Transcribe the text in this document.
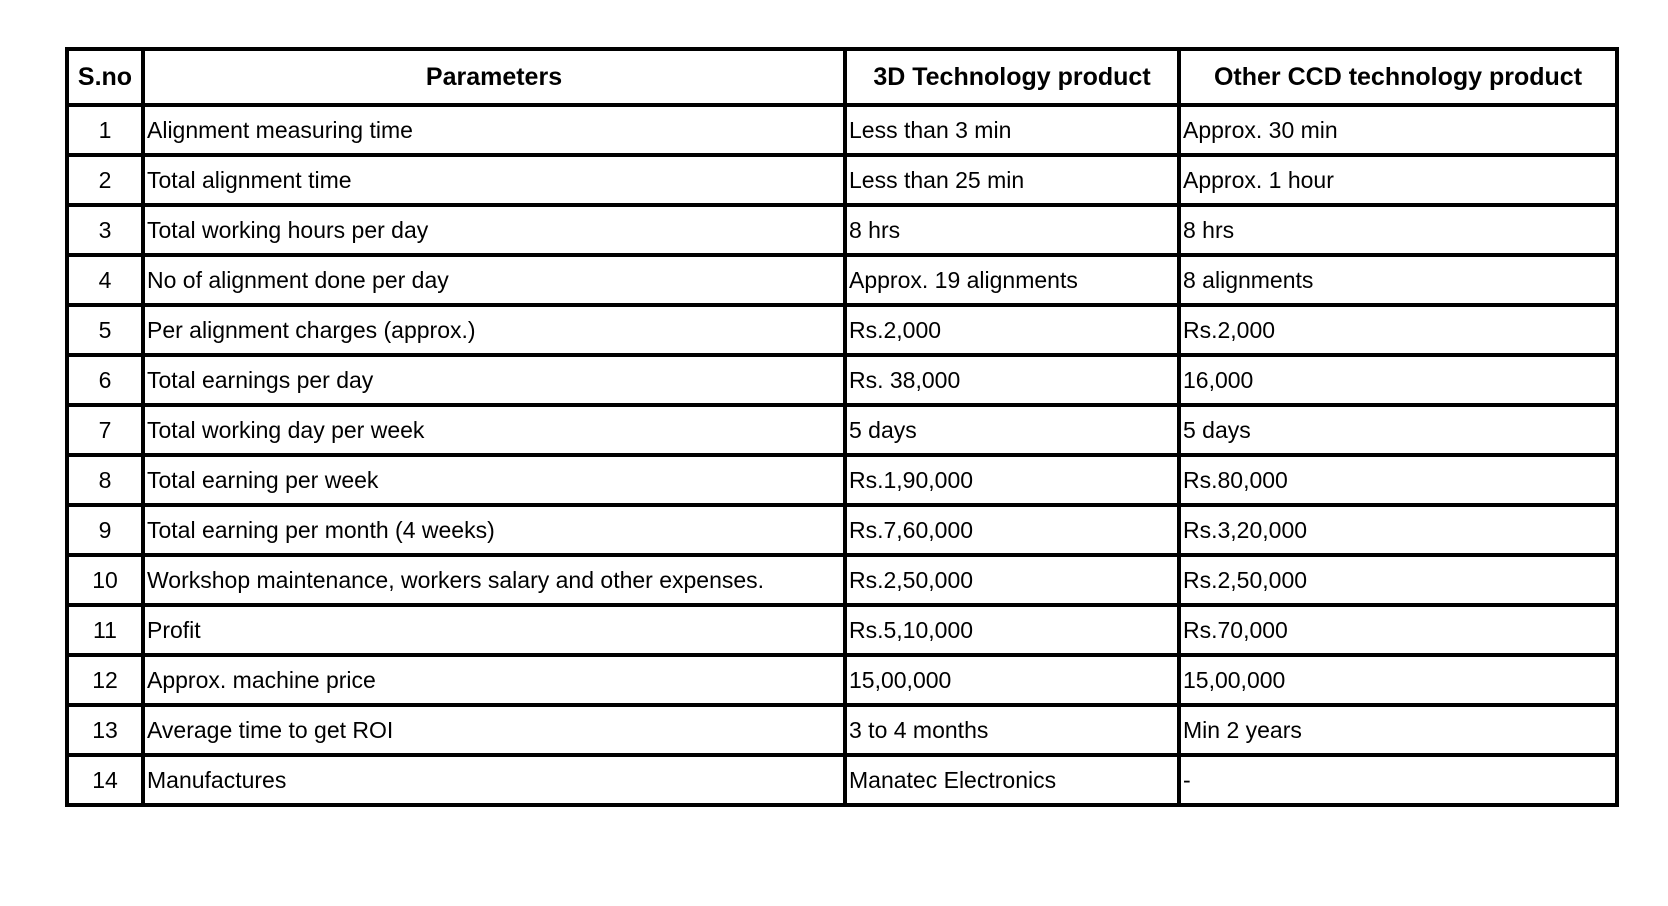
S.no	Parameters	3D Technology product	Other CCD technology product
1	Alignment measuring time	Less than 3 min	Approx. 30 min
2	Total alignment time	Less than 25 min	Approx. 1 hour
3	Total working hours per day	8 hrs	8 hrs
4	No of alignment done per day	Approx. 19 alignments	8 alignments
5	Per alignment charges (approx.)	Rs.2,000	Rs.2,000
6	Total earnings per day	Rs. 38,000	16,000
7	Total working day per week	5 days	5 days
8	Total earning per week	Rs.1,90,000	Rs.80,000
9	Total earning per month (4 weeks)	Rs.7,60,000	Rs.3,20,000
10	Workshop maintenance, workers salary and other expenses.	Rs.2,50,000	Rs.2,50,000
11	Profit	Rs.5,10,000	Rs.70,000
12	Approx. machine price	15,00,000	15,00,000
13	Average time to get ROI	3 to 4 months	Min 2 years
14	Manufactures	Manatec Electronics	-
